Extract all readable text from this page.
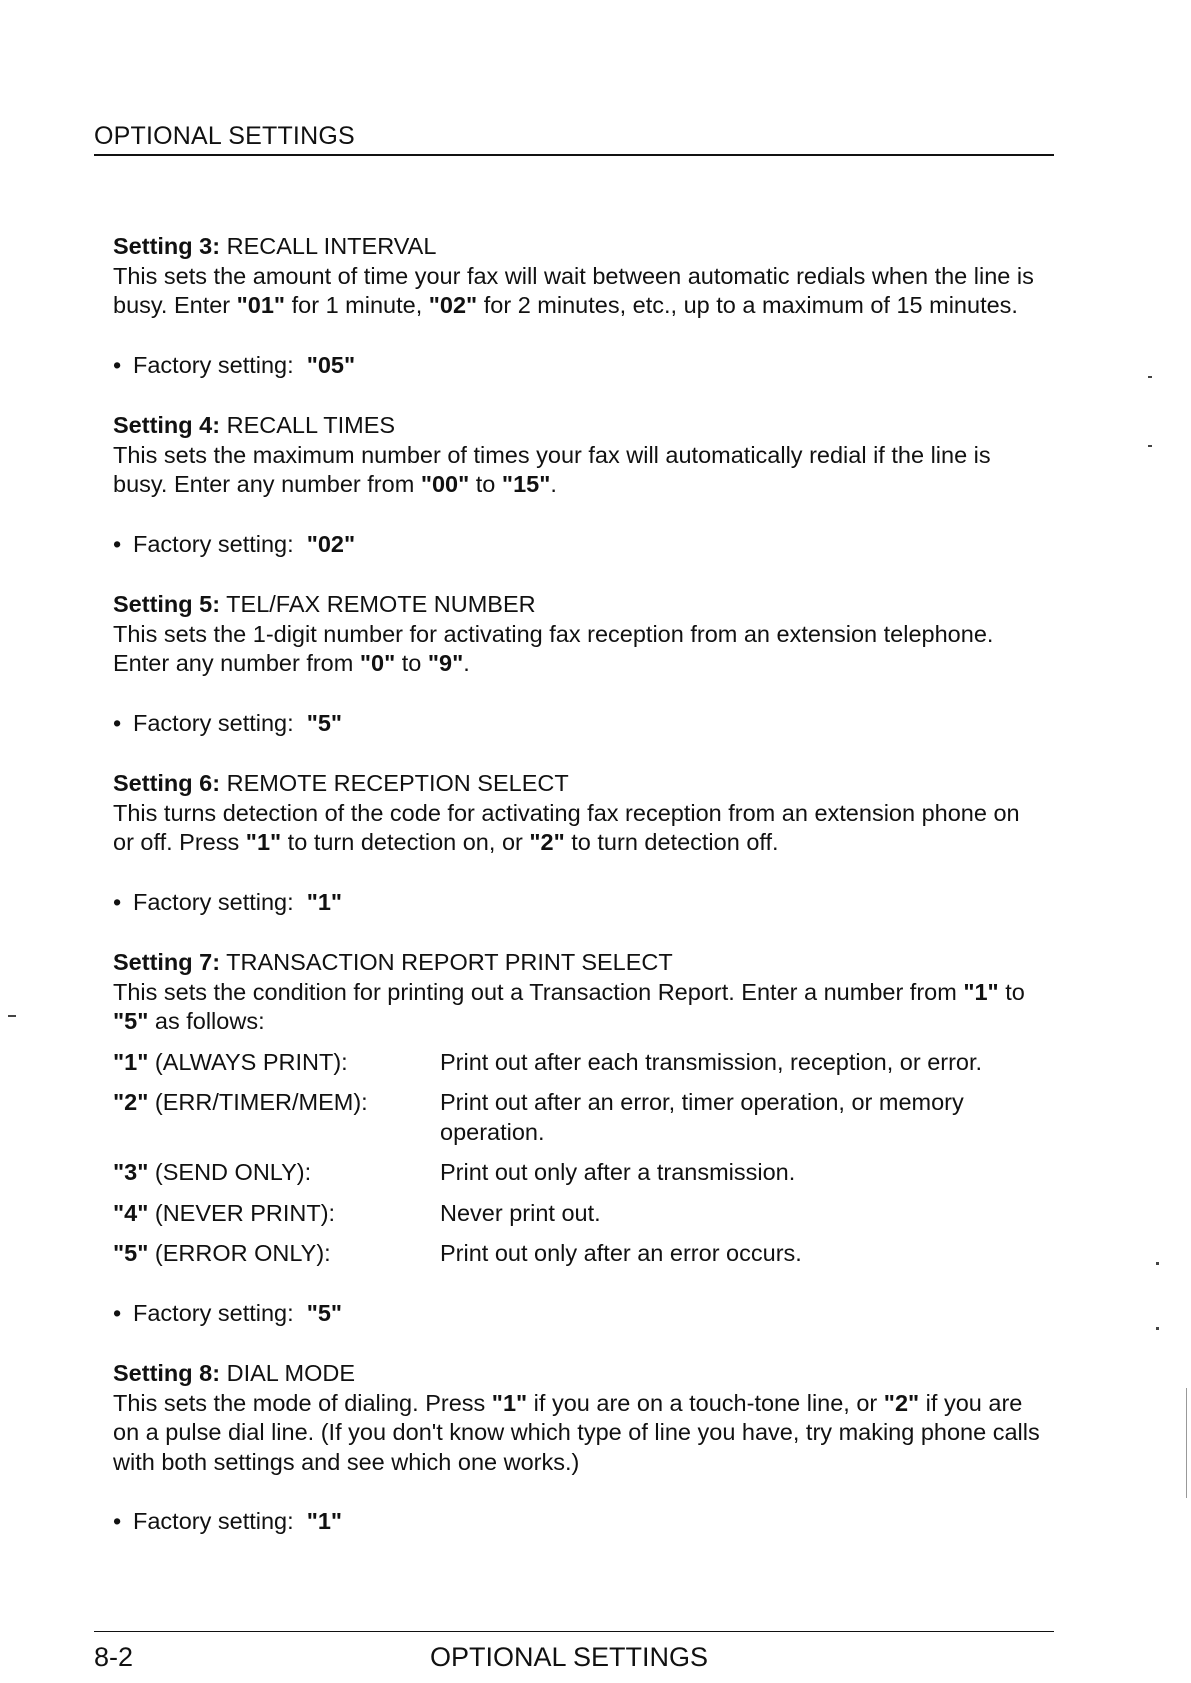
OPTIONAL SETTINGS
Setting 3: RECALL INTERVAL

This sets the amount of time your fax will wait between automatic redials when the line is busy. Enter "01" for 1 minute, "02" for 2 minutes, etc., up to a maximum of 15 minutes.

• Factory setting: "05"
Setting 4: RECALL TIMES

This sets the maximum number of times your fax will automatically redial if the line is busy. Enter any number from "00" to "15".

• Factory setting: "02"
Setting 5: TEL/FAX REMOTE NUMBER

This sets the 1-digit number for activating fax reception from an extension telephone. Enter any number from "0" to "9".

• Factory setting: "5"
Setting 6: REMOTE RECEPTION SELECT

This turns detection of the code for activating fax reception from an extension phone on or off. Press "1" to turn detection on, or "2" to turn detection off.

• Factory setting: "1"
Setting 7: TRANSACTION REPORT PRINT SELECT

This sets the condition for printing out a Transaction Report. Enter a number from "1" to "5" as follows:

"1" (ALWAYS PRINT):	Print out after each transmission, reception, or error.
"2" (ERR/TIMER/MEM):	Print out after an error, timer operation, or memory operation.
"3" (SEND ONLY):	Print out only after a transmission.
"4" (NEVER PRINT):	Never print out.
"5" (ERROR ONLY):	Print out only after an error occurs.
• Factory setting: "5"
Setting 8: DIAL MODE

This sets the mode of dialing. Press "1" if you are on a touch-tone line, or "2" if you are on a pulse dial line. (If you don't know which type of line you have, try making phone calls with both settings and see which one works.)

• Factory setting: "1"
8-2	OPTIONAL SETTINGS
